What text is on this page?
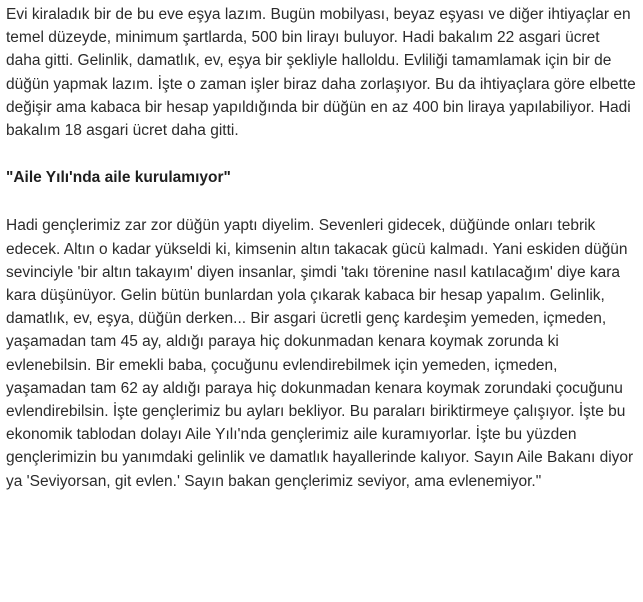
Evi kiraladık bir de bu eve eşya lazım. Bugün mobilyası, beyaz eşyası ve diğer ihtiyaçlar en temel düzeyde, minimum şartlarda, 500 bin lirayı buluyor. Hadi bakalım 22 asgari ücret daha gitti. Gelinlik, damatlık, ev, eşya bir şekliyle halloldu. Evliliği tamamlamak için bir de düğün yapmak lazım. İşte o zaman işler biraz daha zorlaşıyor. Bu da ihtiyaçlara göre elbette değişir ama kabaca bir hesap yapıldığında bir düğün en az 400 bin liraya yapılabiliyor. Hadi bakalım 18 asgari ücret daha gitti.

"Aile Yılı'nda aile kurulamıyor"

Hadi gençlerimiz zar zor düğün yaptı diyelim. Sevenleri gidecek, düğünde onları tebrik edecek. Altın o kadar yükseldi ki, kimsenin altın takacak gücü kalmadı. Yani eskiden düğün sevinciyle 'bir altın takayım' diyen insanlar, şimdi 'takı törenine nasıl katılacağım' diye kara kara düşünüyor. Gelin bütün bunlardan yola çıkarak kabaca bir hesap yapalım. Gelinlik, damatlık, ev, eşya, düğün derken... Bir asgari ücretli genç kardeşim yemeden, içmeden, yaşamadan tam 45 ay, aldığı paraya hiç dokunmadan kenara koymak zorunda ki evlenebilsin. Bir emekli baba, çocuğunu evlendirebilmek için yemeden, içmeden, yaşamadan tam 62 ay aldığı paraya hiç dokunmadan kenara koymak zorundaki çocuğunu evlendirebilsin. İşte gençlerimiz bu ayları bekliyor. Bu paraları biriktirmeye çalışıyor. İşte bu ekonomik tablodan dolayı Aile Yılı'nda gençlerimiz aile kuramıyorlar. İşte bu yüzden gençlerimizin bu yanımdaki gelinlik ve damatlık hayallerinde kalıyor. Sayın Aile Bakanı diyor ya 'Seviyorsan, git evlen.' Sayın bakan gençlerimiz seviyor, ama evlenemiyor."
